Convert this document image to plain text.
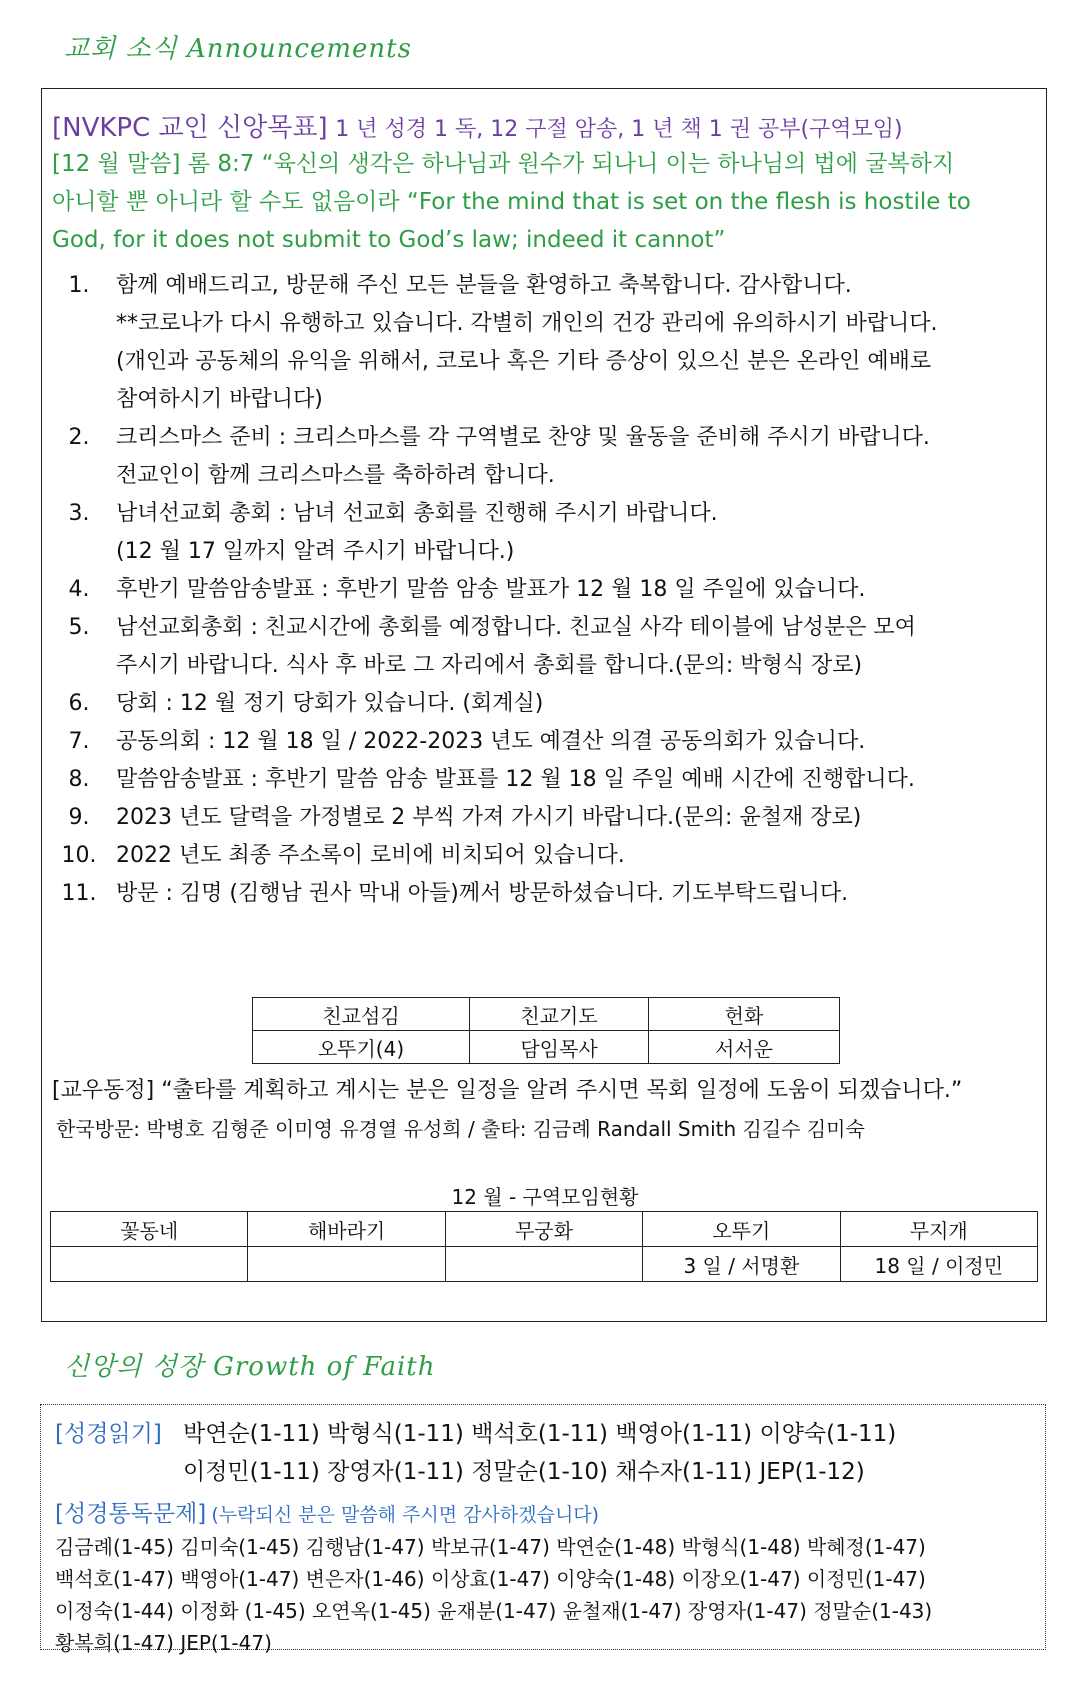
교회 소식 Announcements
[NVKPC 교인 신앙목표] 1 년 성경 1 독, 12 구절 암송, 1 년 책 1 권 공부(구역모임)
[12 월 말씀] 롬 8:7 “육신의 생각은 하나님과 원수가 되나니 이는 하나님의 법에 굴복하지
아니할 뿐 아니라 할 수도 없음이라 “For the mind that is set on the flesh is hostile to
God, for it does not submit to God’s law; indeed it cannot”
1.	함께 예배드리고, 방문해 주신 모든 분들을 환영하고 축복합니다. 감사합니다.
**코로나가 다시 유행하고 있습니다. 각별히 개인의 건강 관리에 유의하시기 바랍니다.
(개인과 공동체의 유익을 위해서, 코로나 혹은 기타 증상이 있으신 분은 온라인 예배로
참여하시기 바랍니다)
2.	크리스마스 준비 : 크리스마스를 각 구역별로 찬양 및 율동을 준비해 주시기 바랍니다.
전교인이 함께 크리스마스를 축하하려 합니다.
3.	남녀선교회 총회 : 남녀 선교회 총회를 진행해 주시기 바랍니다.
(12 월 17 일까지 알려 주시기 바랍니다.)
4.	후반기 말씀암송발표 : 후반기 말씀 암송 발표가 12 월 18 일 주일에 있습니다.
5.	남선교회총회 : 친교시간에 총회를 예정합니다. 친교실 사각 테이블에 남성분은 모여
주시기 바랍니다. 식사 후 바로 그 자리에서 총회를 합니다.(문의: 박형식 장로)
6.	당회 : 12 월 정기 당회가 있습니다. (회계실)
7.	공동의회 : 12 월 18 일 / 2022-2023 년도 예결산 의결 공동의회가 있습니다.
8.	말씀암송발표 : 후반기 말씀 암송 발표를 12 월 18 일 주일 예배 시간에 진행합니다.
9.	2023 년도 달력을 가정별로 2 부씩 가져 가시기 바랍니다.(문의: 윤철재 장로)
10. 2022 년도 최종 주소록이 로비에 비치되어 있습니다.
11. 방문 : 김명 (김행남 권사 막내 아들)께서 방문하셨습니다. 기도부탁드립니다.
친교섬김	친교기도	헌화
오뚜기(4)	담임목사	서서운
[교우동정] “출타를 계획하고 계시는 분은 일정을 알려 주시면 목회 일정에 도움이 되겠습니다.”
한국방문: 박병호 김형준 이미영 유경열 유성희 / 출타: 김금례 Randall Smith 김길수 김미숙
12 월 - 구역모임현황
꽃동네	해바라기	무궁화	오뚜기	무지개
			3 일 / 서명환	18 일 / 이정민
신앙의 성장 Growth of Faith
[성경읽기] 박연순(1-11) 박형식(1-11) 백석호(1-11) 백영아(1-11) 이양숙(1-11)
이정민(1-11) 장영자(1-11) 정말순(1-10) 채수자(1-11) JEP(1-12)
[성경통독문제] (누락되신 분은 말씀해 주시면 감사하겠습니다)
김금례(1-45) 김미숙(1-45) 김행남(1-47) 박보규(1-47) 박연순(1-48) 박형식(1-48) 박혜정(1-47)
백석호(1-47) 백영아(1-47) 변은자(1-46) 이상효(1-47) 이양숙(1-48) 이장오(1-47) 이정민(1-47)
이정숙(1-44) 이정화 (1-45) 오연옥(1-45) 윤재분(1-47) 윤철재(1-47) 장영자(1-47) 정말순(1-43)
황복희(1-47) JEP(1-47)
